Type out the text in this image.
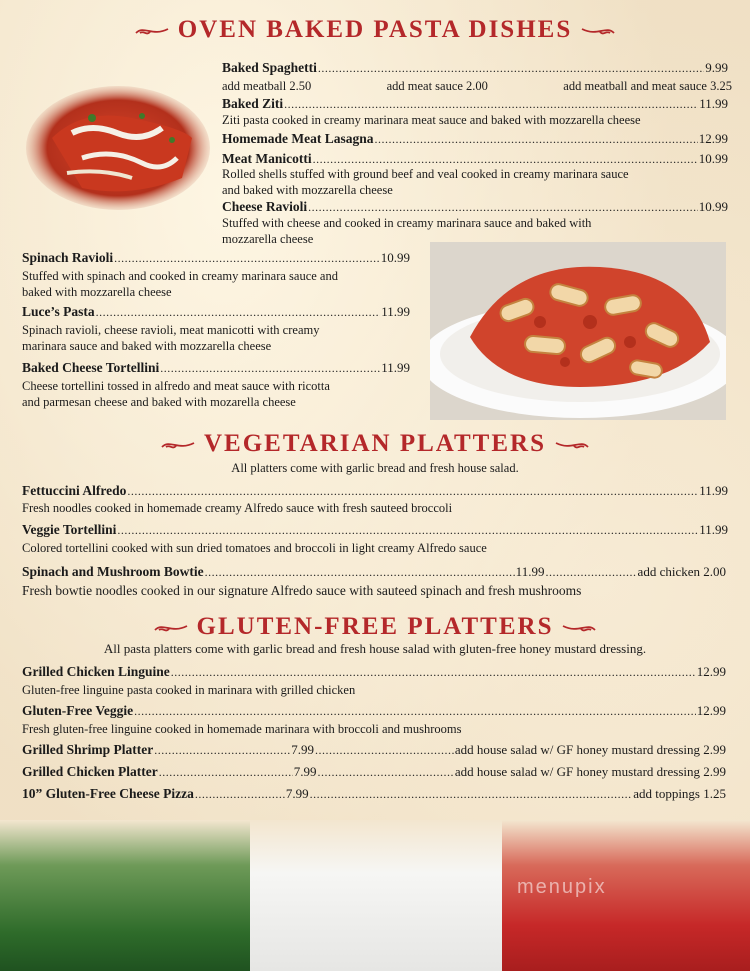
OVEN BAKED PASTA DISHES
Baked Spaghetti .....	9.99
add meatball 2.50	add meat sauce 2.00	add meatball and meat sauce 3.25
Baked Ziti .....	11.99
Ziti pasta cooked in creamy marinara meat sauce and baked with mozzarella cheese
Homemade Meat Lasagna .....	12.99
Meat Manicotti .....	10.99
Rolled shells stuffed with ground beef and veal cooked in creamy marinara sauce
and baked with mozzarella cheese
Cheese Ravioli .....	10.99
Stuffed with cheese and cooked in creamy marinara sauce and baked with
mozzarella cheese
Spinach Ravioli .....	10.99
Stuffed with spinach and cooked in creamy marinara sauce and
baked with mozzarella cheese
Luce’s Pasta .....	11.99
Spinach ravioli, cheese ravioli, meat manicotti with creamy
marinara sauce and baked with mozzarella cheese
Baked Cheese Tortellini .....	11.99
Cheese tortellini tossed in alfredo and meat sauce with ricotta
and parmesan cheese and baked with mozarella cheese
VEGETARIAN PLATTERS
All platters come with garlic bread and fresh house salad.
Fettuccini Alfredo .....	11.99
Fresh noodles cooked in homemade creamy Alfredo sauce with fresh sauteed broccoli
Veggie Tortellini .....	11.99
Colored tortellini cooked with sun dried tomatoes and broccoli in light creamy Alfredo sauce
Spinach and Mushroom Bowtie .....	11.99 .....	add chicken 2.00
Fresh bowtie noodles cooked in our signature Alfredo sauce with sauteed spinach and fresh mushrooms
GLUTEN-FREE PLATTERS
All pasta platters come with garlic bread and fresh house salad with gluten-free honey mustard dressing.
Grilled Chicken Linguine .....	12.99
Gluten-free linguine pasta cooked in marinara with grilled chicken
Gluten-Free Veggie .....	12.99
Fresh gluten-free linguine cooked in homemade marinara with broccoli and mushrooms
Grilled Shrimp Platter .....	7.99 .....	add house salad w/ GF honey mustard dressing 2.99
Grilled Chicken Platter .....	7.99 .....	add house salad w/ GF honey mustard dressing 2.99
10” Gluten-Free Cheese Pizza .....	7.99 .....	add toppings 1.25
menupix
